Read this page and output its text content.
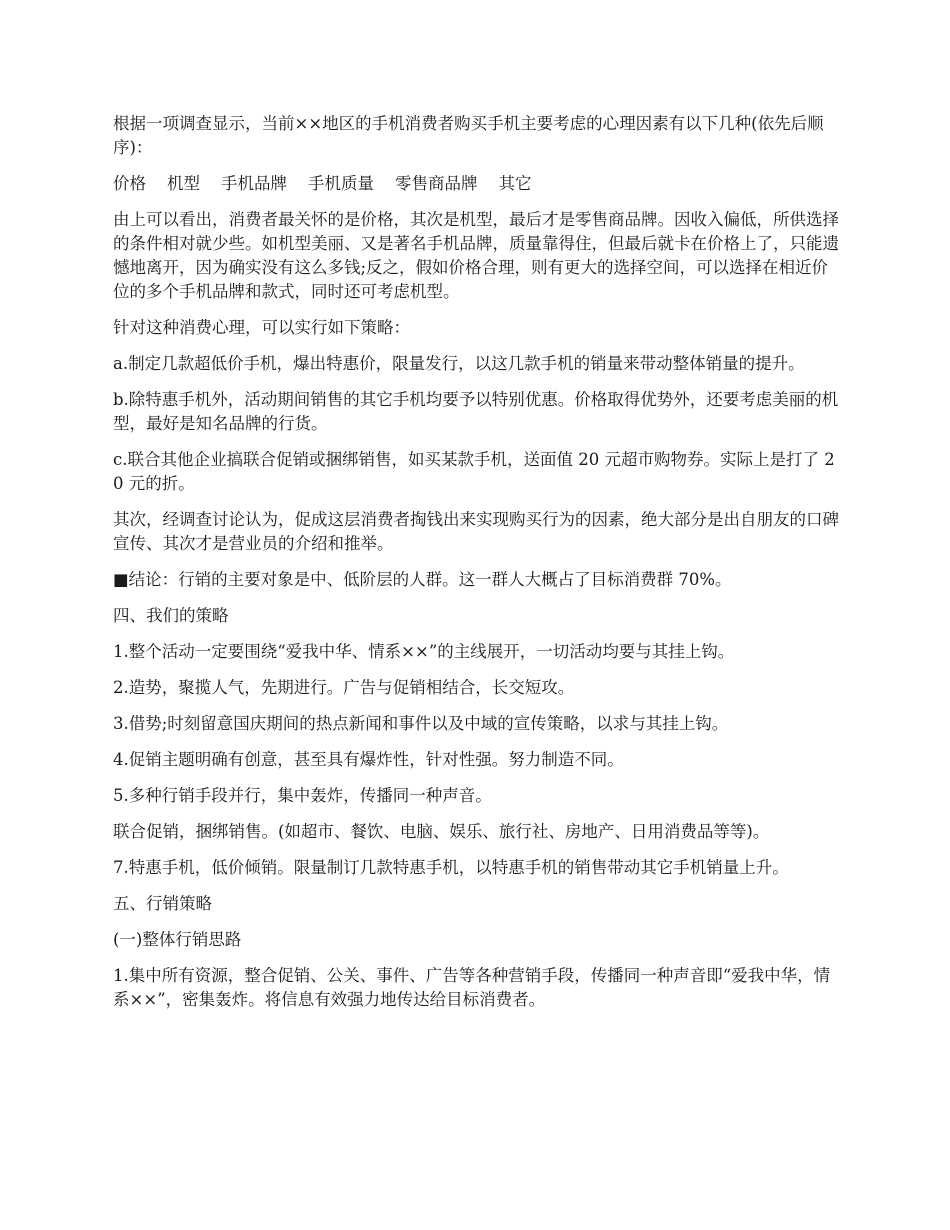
根据一项调查显示，当前××地区的手机消费者购买手机主要考虑的心理因素有以下几种(依先后顺序)：

价格 机型 手机品牌 手机质量 零售商品牌 其它

由上可以看出，消费者最关怀的是价格，其次是机型，最后才是零售商品牌。因收入偏低，所供选择的条件相对就少些。如机型美丽、又是著名手机品牌，质量靠得住，但最后就卡在价格上了，只能遗憾地离开，因为确实没有这么多钱;反之，假如价格合理，则有更大的选择空间，可以选择在相近价位的多个手机品牌和款式，同时还可考虑机型。

针对这种消费心理，可以实行如下策略：

a.制定几款超低价手机，爆出特惠价，限量发行，以这几款手机的销量来带动整体销量的提升。

b.除特惠手机外，活动期间销售的其它手机均要予以特别优惠。价格取得优势外，还要考虑美丽的机型，最好是知名品牌的行货。

c.联合其他企业搞联合促销或捆绑销售，如买某款手机，送面值 20 元超市购物券。实际上是打了 20 元的折。

其次，经调查讨论认为，促成这层消费者掏钱出来实现购买行为的因素，绝大部分是出自朋友的口碑宣传、其次才是营业员的介绍和推举。

■结论：行销的主要对象是中、低阶层的人群。这一群人大概占了目标消费群 70%。

四、我们的策略

1.整个活动一定要围绕“爱我中华、情系××”的主线展开，一切活动均要与其挂上钩。

2.造势，聚揽人气，先期进行。广告与促销相结合，长交短攻。

3.借势;时刻留意国庆期间的热点新闻和事件以及中域的宣传策略，以求与其挂上钩。

4.促销主题明确有创意，甚至具有爆炸性，针对性强。努力制造不同。

5.多种行销手段并行，集中轰炸，传播同一种声音。

联合促销，捆绑销售。(如超市、餐饮、电脑、娱乐、旅行社、房地产、日用消费品等等)。

7.特惠手机，低价倾销。限量制订几款特惠手机，以特惠手机的销售带动其它手机销量上升。

五、行销策略

(一)整体行销思路

1.集中所有资源，整合促销、公关、事件、广告等各种营销手段，传播同一种声音即“爱我中华，情系××”，密集轰炸。将信息有效强力地传达给目标消费者。
